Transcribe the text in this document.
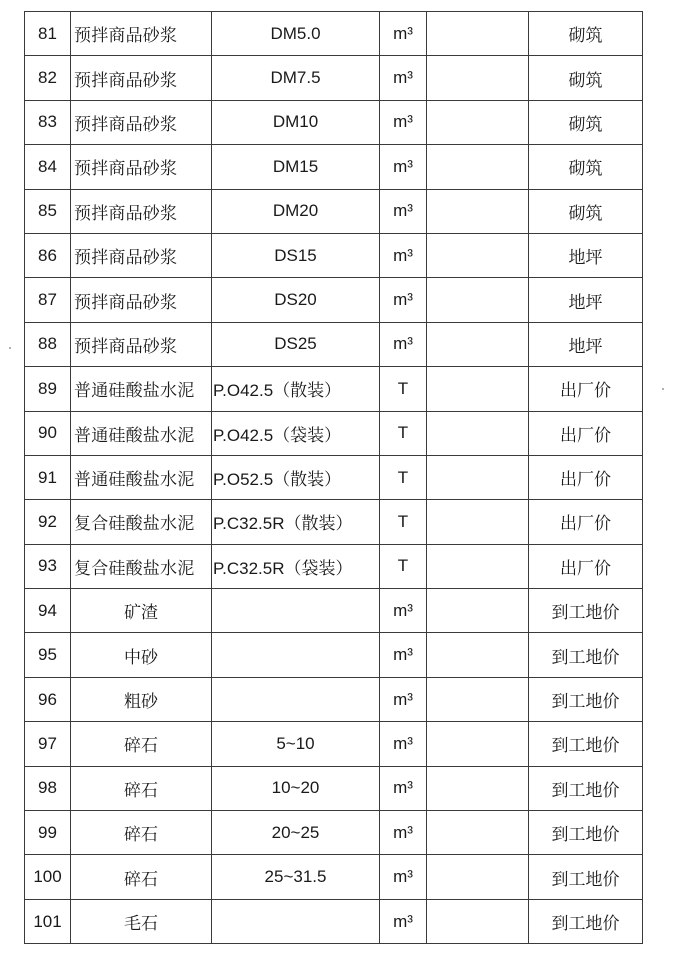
81	预拌商品砂浆	DM5.0	m³		砌筑
82	预拌商品砂浆	DM7.5	m³		砌筑
83	预拌商品砂浆	DM10	m³		砌筑
84	预拌商品砂浆	DM15	m³		砌筑
85	预拌商品砂浆	DM20	m³		砌筑
86	预拌商品砂浆	DS15	m³		地坪
87	预拌商品砂浆	DS20	m³		地坪
88	预拌商品砂浆	DS25	m³		地坪
89	普通硅酸盐水泥	P.O42.5（散装）	T		出厂价
90	普通硅酸盐水泥	P.O42.5（袋装）	T		出厂价
91	普通硅酸盐水泥	P.O52.5（散装）	T		出厂价
92	复合硅酸盐水泥	P.C32.5R（散装）	T		出厂价
93	复合硅酸盐水泥	P.C32.5R（袋装）	T		出厂价
94	矿渣		m³		到工地价
95	中砂		m³		到工地价
96	粗砂		m³		到工地价
97	碎石	5~10	m³		到工地价
98	碎石	10~20	m³		到工地价
99	碎石	20~25	m³		到工地价
100	碎石	25~31.5	m³		到工地价
101	毛石		m³		到工地价
